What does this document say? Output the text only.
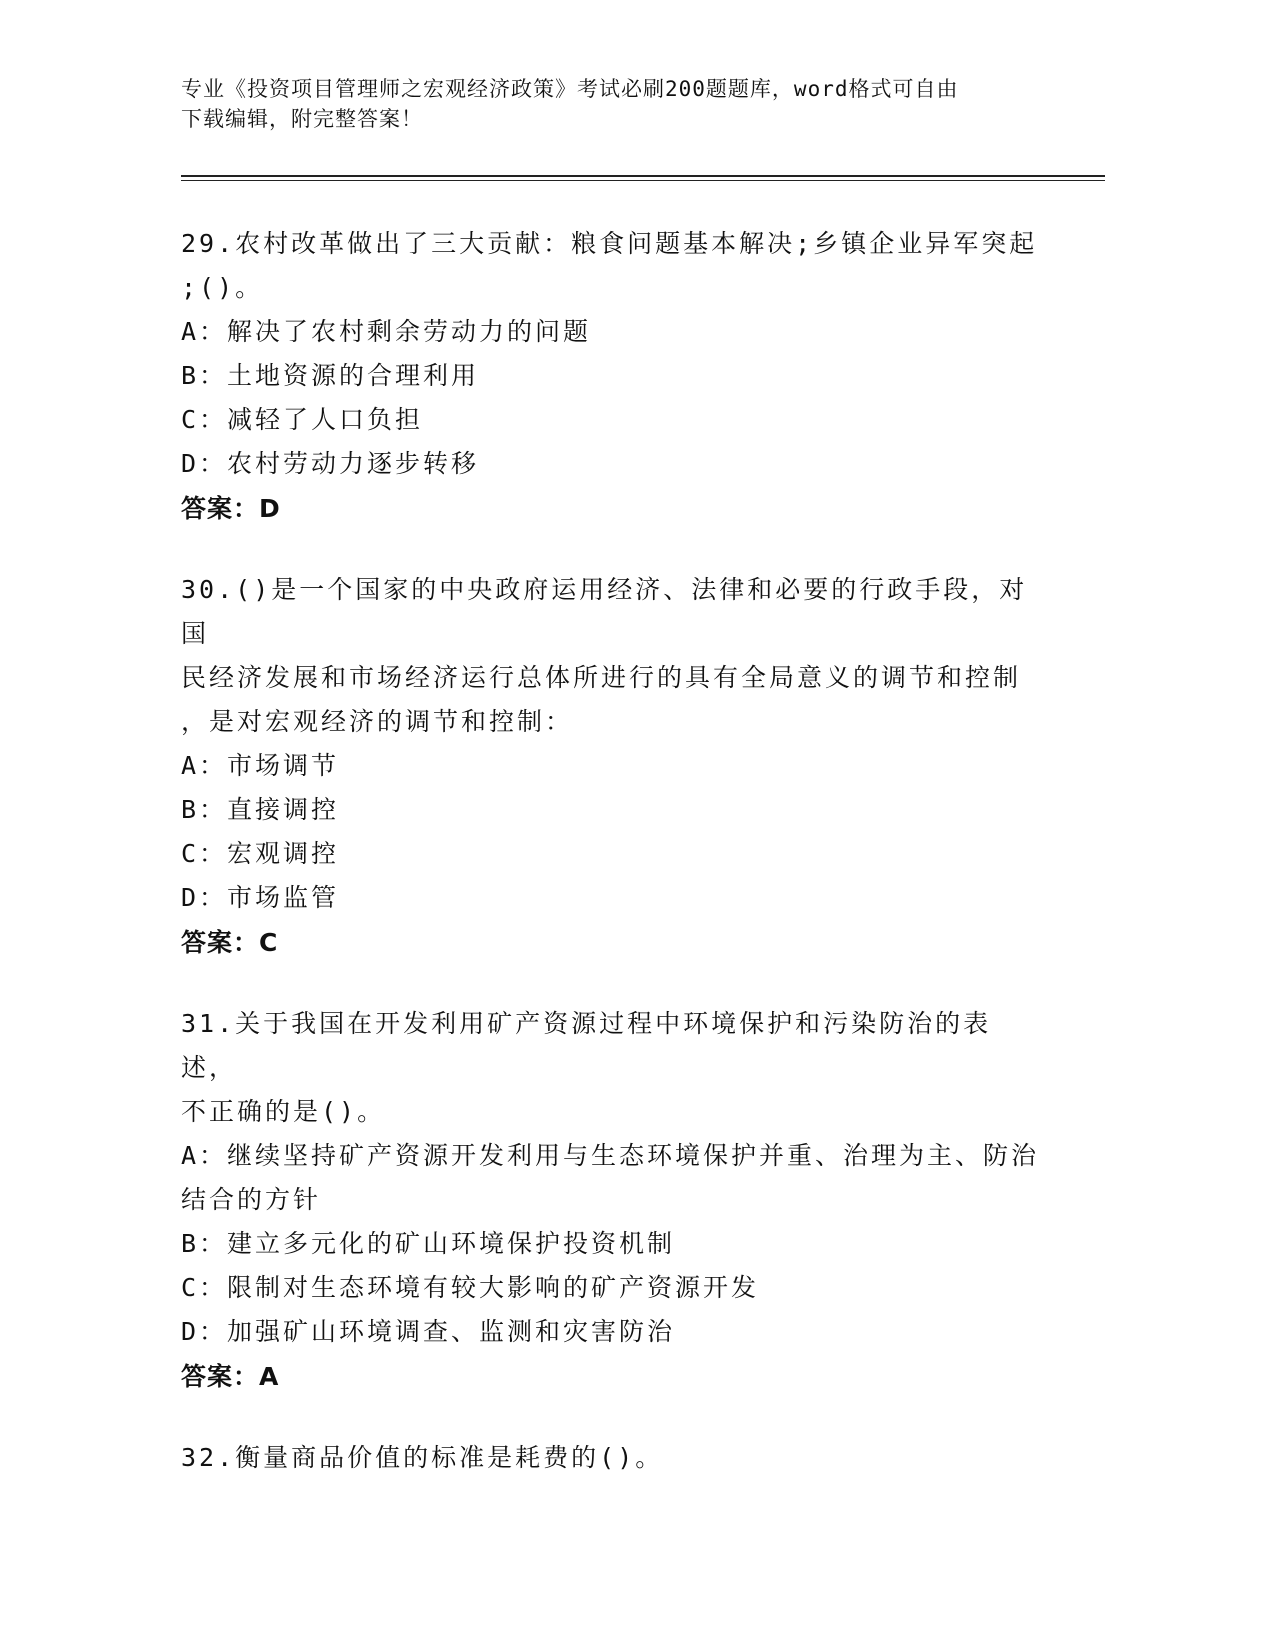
专业《投资项目管理师之宏观经济政策》考试必刷200题题库，word格式可自由
下载编辑，附完整答案！
29.农村改革做出了三大贡献：粮食问题基本解决;乡镇企业异军突起
;()。
A：解决了农村剩余劳动力的问题
B：土地资源的合理利用
C：减轻了人口负担
D：农村劳动力逐步转移
答案：D
30.()是一个国家的中央政府运用经济、法律和必要的行政手段，对国
民经济发展和市场经济运行总体所进行的具有全局意义的调节和控制
，是对宏观经济的调节和控制：
A：市场调节
B：直接调控
C：宏观调控
D：市场监管
答案：C
31.关于我国在开发利用矿产资源过程中环境保护和污染防治的表述，
不正确的是()。
A：继续坚持矿产资源开发利用与生态环境保护并重、治理为主、防治
结合的方针
B：建立多元化的矿山环境保护投资机制
C：限制对生态环境有较大影响的矿产资源开发
D：加强矿山环境调查、监测和灾害防治
答案：A
32.衡量商品价值的标准是耗费的()。
